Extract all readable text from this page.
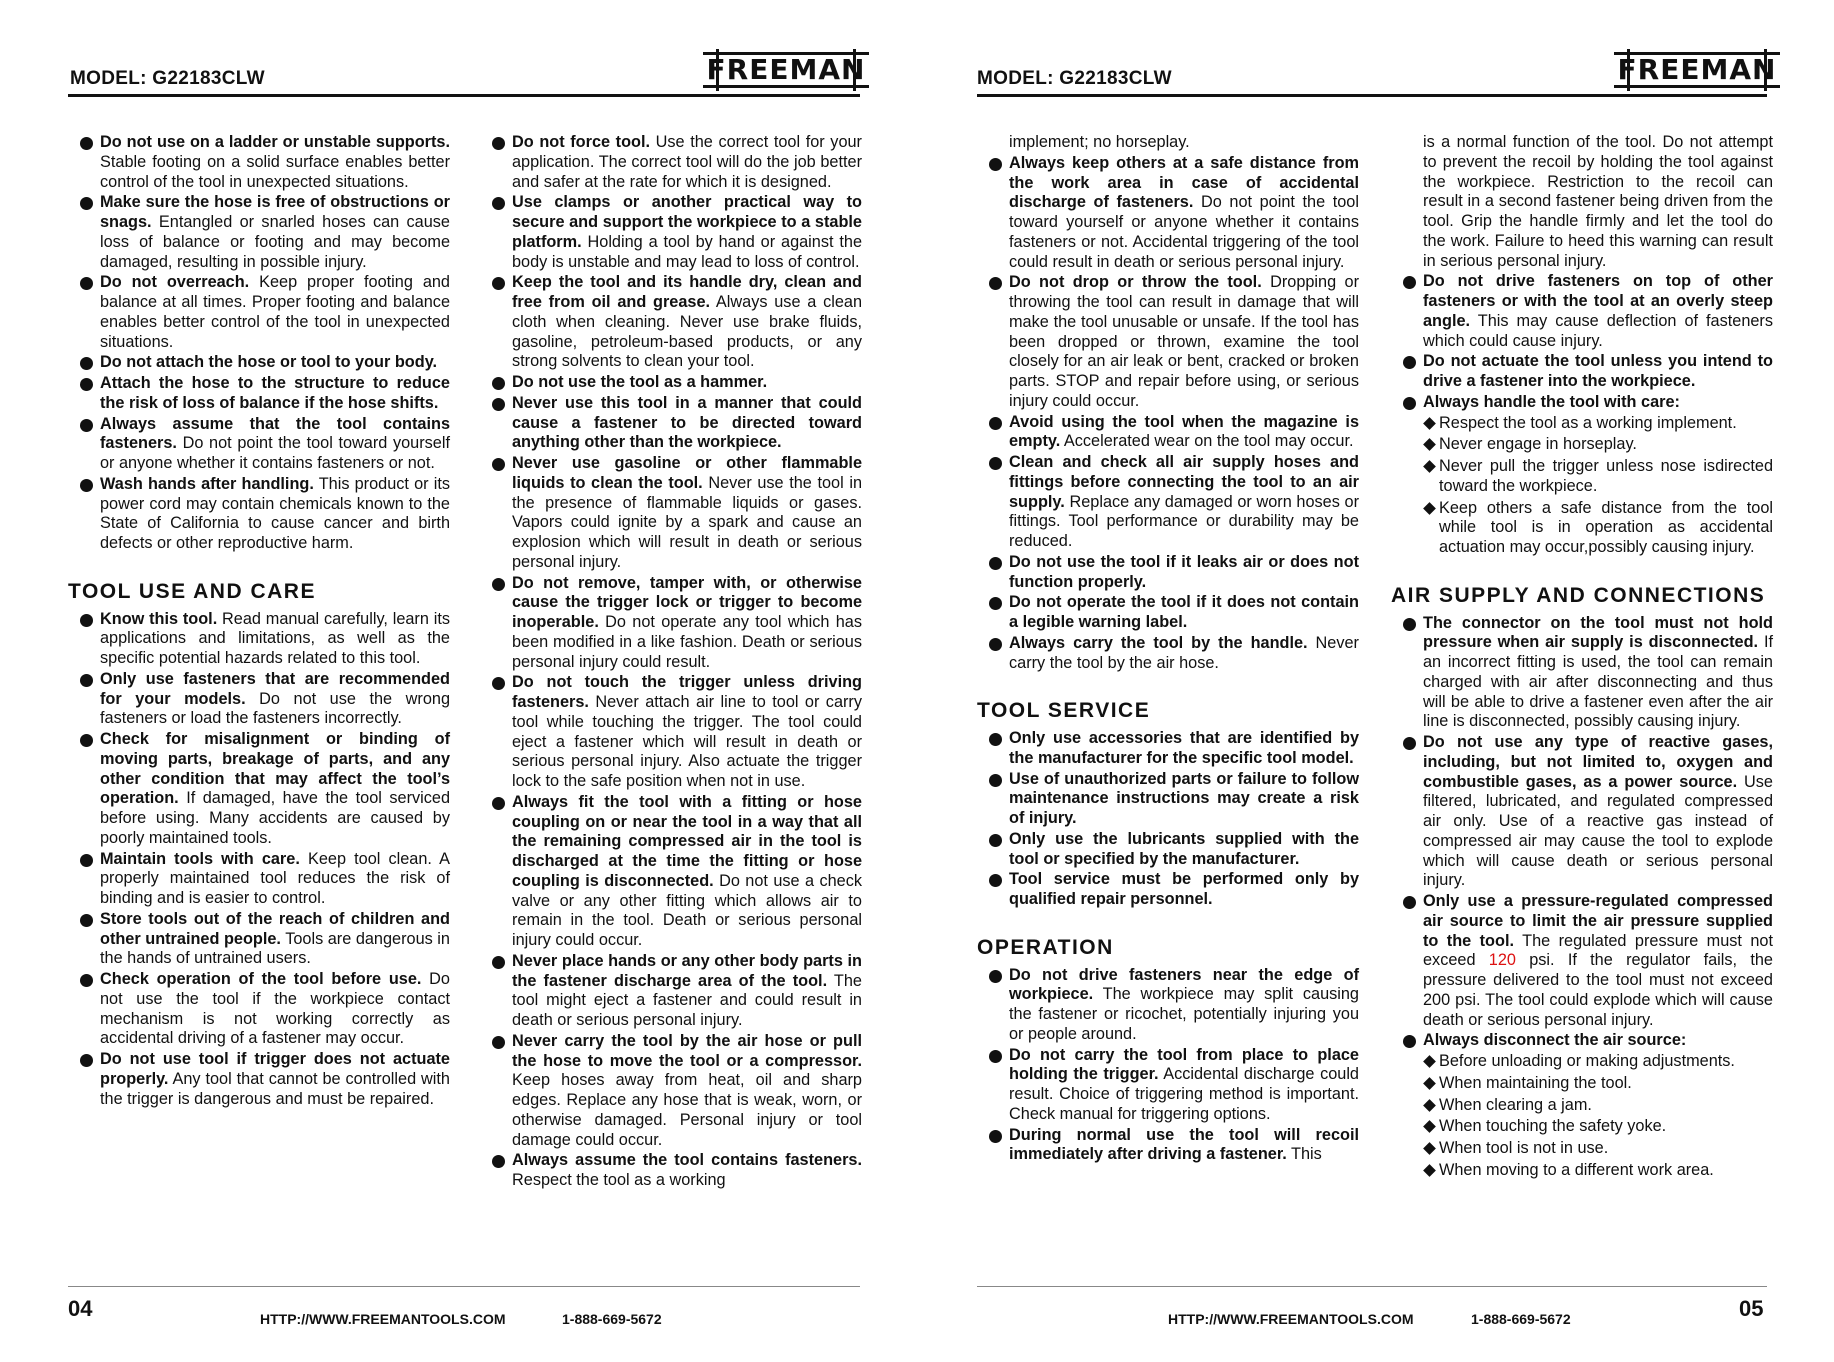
MODEL: G22183CLW	FREEMAN
Do not use on a ladder or unstable supports. Stable footing on a solid surface enables better control of the tool in unexpected situations.
Make sure the hose is free of obstructions or snags. Entangled or snarled hoses can cause loss of balance or footing and may become damaged, resulting in possible injury.
Do not overreach. Keep proper footing and balance at all times. Proper footing and balance enables better control of the tool in unexpected situations.
Do not attach the hose or tool to your body.
Attach the hose to the structure to reduce the risk of loss of balance if the hose shifts.
Always assume that the tool contains fasteners. Do not point the tool toward yourself or anyone whether it contains fasteners or not.
Wash hands after handling. This product or its power cord may contain chemicals known to the State of California to cause cancer and birth defects or other reproductive harm.
TOOL USE AND CARE
Know this tool. Read manual carefully, learn its applications and limitations, as well as the specific potential hazards related to this tool.
Only use fasteners that are recommended for your models. Do not use the wrong fasteners or load the fasteners incorrectly.
Check for misalignment or binding of moving parts, breakage of parts, and any other condition that may affect the tool’s operation. If damaged, have the tool serviced before using. Many accidents are caused by poorly maintained tools.
Maintain tools with care. Keep tool clean. A properly maintained tool reduces the risk of binding and is easier to control.
Store tools out of the reach of children and other untrained people. Tools are dangerous in the hands of untrained users.
Check operation of the tool before use. Do not use the tool if the workpiece contact mechanism is not working correctly as accidental driving of a fastener may occur.
Do not use tool if trigger does not actuate properly. Any tool that cannot be controlled with the trigger is dangerous and must be repaired.
Do not force tool. Use the correct tool for your application. The correct tool will do the job better and safer at the rate for which it is designed.
Use clamps or another practical way to secure and support the workpiece to a stable platform. Holding a tool by hand or against the body is unstable and may lead to loss of control.
Keep the tool and its handle dry, clean and free from oil and grease. Always use a clean cloth when cleaning. Never use brake fluids, gasoline, petroleum-based products, or any strong solvents to clean your tool.
Do not use the tool as a hammer.
Never use this tool in a manner that could cause a fastener to be directed toward anything other than the workpiece.
Never use gasoline or other flammable liquids to clean the tool. Never use the tool in the presence of flammable liquids or gases. Vapors could ignite by a spark and cause an explosion which will result in death or serious personal injury.
Do not remove, tamper with, or otherwise cause the trigger lock or trigger to become inoperable. Do not operate any tool which has been modified in a like fashion. Death or serious personal injury could result.
Do not touch the trigger unless driving fasteners. Never attach air line to tool or carry tool while touching the trigger. The tool could eject a fastener which will result in death or serious personal injury. Also actuate the trigger lock to the safe position when not in use.
Always fit the tool with a fitting or hose coupling on or near the tool in a way that all the remaining compressed air in the tool is discharged at the time the fitting or hose coupling is disconnected. Do not use a check valve or any other fitting which allows air to remain in the tool. Death or serious personal injury could occur.
Never place hands or any other body parts in the fastener discharge area of the tool. The tool might eject a fastener and could result in death or serious personal injury.
Never carry the tool by the air hose or pull the hose to move the tool or a compressor. Keep hoses away from heat, oil and sharp edges. Replace any hose that is weak, worn, or otherwise damaged. Personal injury or tool damage could occur.
Always assume the tool contains fasteners. Respect the tool as a working
04	HTTP://WWW.FREEMANTOOLS.COM	1-888-669-5672
MODEL: G22183CLW	FREEMAN
implement; no horseplay.
Always keep others at a safe distance from the work area in case of accidental discharge of fasteners. Do not point the tool toward yourself or anyone whether it contains fasteners or not. Accidental triggering of the tool could result in death or serious personal injury.
Do not drop or throw the tool. Dropping or throwing the tool can result in damage that will make the tool unusable or unsafe. If the tool has been dropped or thrown, examine the tool closely for an air leak or bent, cracked or broken parts. STOP and repair before using, or serious injury could occur.
Avoid using the tool when the magazine is empty. Accelerated wear on the tool may occur.
Clean and check all air supply hoses and fittings before connecting the tool to an air supply. Replace any damaged or worn hoses or fittings. Tool performance or durability may be reduced.
Do not use the tool if it leaks air or does not function properly.
Do not operate the tool if it does not contain a legible warning label.
Always carry the tool by the handle. Never carry the tool by the air hose.
TOOL SERVICE
Only use accessories that are identified by the manufacturer for the specific tool model.
Use of unauthorized parts or failure to follow maintenance instructions may create a risk of injury.
Only use the lubricants supplied with the tool or specified by the manufacturer.
Tool service must be performed only by qualified repair personnel.
OPERATION
Do not drive fasteners near the edge of workpiece. The workpiece may split causing the fastener or ricochet, potentially injuring you or people around.
Do not carry the tool from place to place holding the trigger. Accidental discharge could result. Choice of triggering method is important. Check manual for triggering options.
During normal use the tool will recoil immediately after driving a fastener. This
is a normal function of the tool. Do not attempt to prevent the recoil by holding the tool against the workpiece. Restriction to the recoil can result in a second fastener being driven from the tool. Grip the handle firmly and let the tool do the work. Failure to heed this warning can result in serious personal injury.
Do not drive fasteners on top of other fasteners or with the tool at an overly steep angle. This may cause deflection of fasteners which could cause injury.
Do not actuate the tool unless you intend to drive a fastener into the workpiece.
Always handle the tool with care:
Respect the tool as a working implement.
Never engage in horseplay.
Never pull the trigger unless nose isdirected toward the workpiece.
Keep others a safe distance from the tool while tool is in operation as accidental actuation may occur,possibly causing injury.
AIR SUPPLY AND CONNECTIONS
The connector on the tool must not hold pressure when air supply is disconnected. If an incorrect fitting is used, the tool can remain charged with air after disconnecting and thus will be able to drive a fastener even after the air line is disconnected, possibly causing injury.
Do not use any type of reactive gases, including, but not limited to, oxygen and combustible gases, as a power source. Use filtered, lubricated, and regulated compressed air only. Use of a reactive gas instead of compressed air may cause the tool to explode which will cause death or serious personal injury.
Only use a pressure-regulated compressed air source to limit the air pressure supplied to the tool. The regulated pressure must not exceed 120 psi. If the regulator fails, the pressure delivered to the tool must not exceed 200 psi. The tool could explode which will cause death or serious personal injury.
Always disconnect the air source:
Before unloading or making adjustments.
When maintaining the tool.
When clearing a jam.
When touching the safety yoke.
When tool is not in use.
When moving to a different work area.
HTTP://WWW.FREEMANTOOLS.COM	1-888-669-5672	05
